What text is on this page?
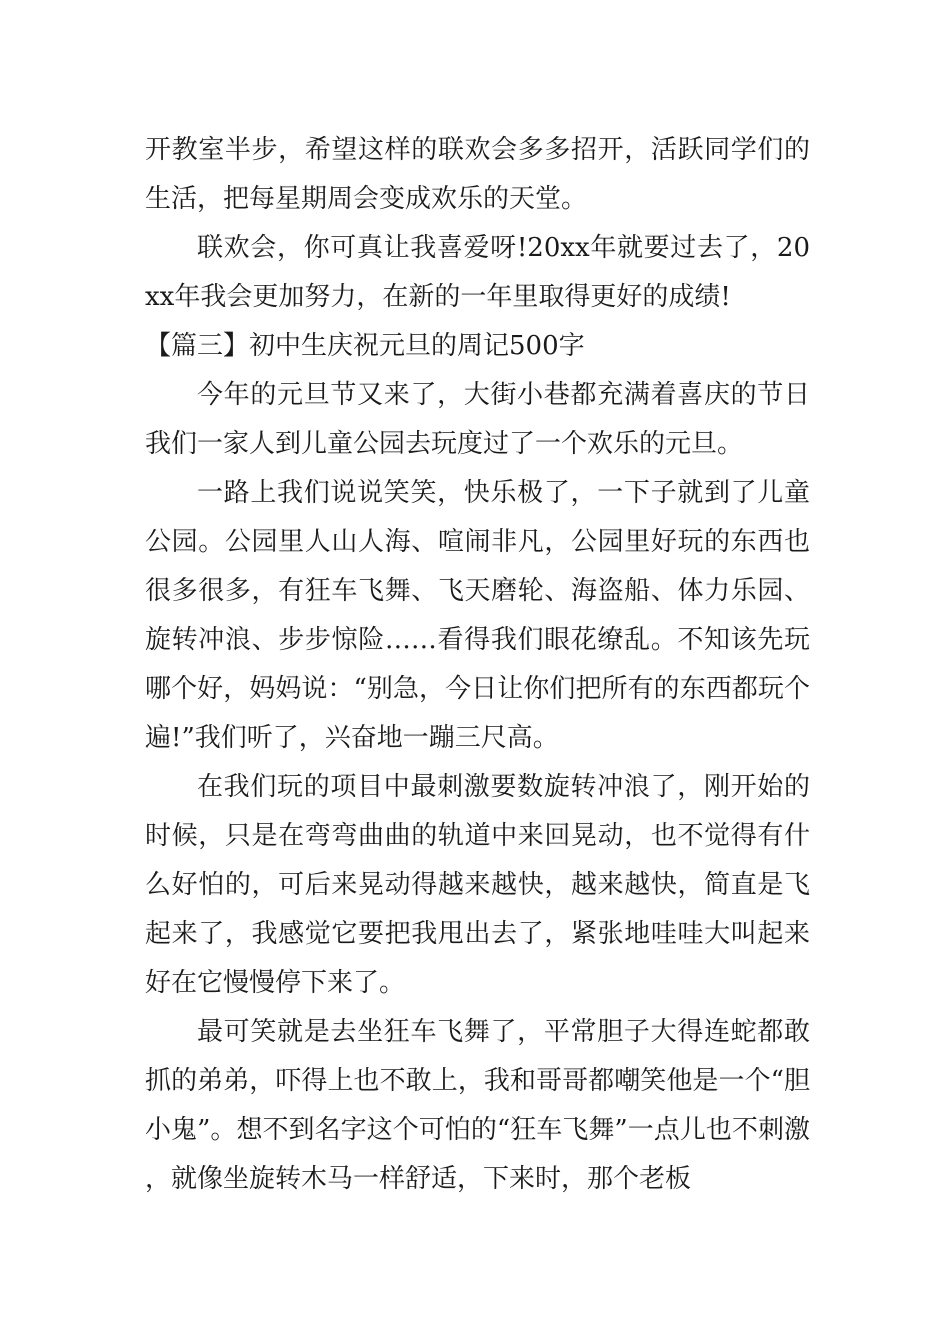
开教室半步，希望这样的联欢会多多招开，活跃同学们的生活，把每星期周会变成欢乐的天堂。

联欢会，你可真让我喜爱呀!20xx年就要过去了，20xx年我会更加努力，在新的一年里取得更好的成绩!

【篇三】初中生庆祝元旦的周记500字

今年的元旦节又来了，大街小巷都充满着喜庆的节日我们一家人到儿童公园去玩度过了一个欢乐的元旦。

一路上我们说说笑笑，快乐极了，一下子就到了儿童公园。公园里人山人海、喧闹非凡，公园里好玩的东西也很多很多，有狂车飞舞、飞天磨轮、海盗船、体力乐园、旋转冲浪、步步惊险……看得我们眼花缭乱。不知该先玩哪个好，妈妈说：“别急，今日让你们把所有的东西都玩个遍!”我们听了，兴奋地一蹦三尺高。

在我们玩的项目中最刺激要数旋转冲浪了，刚开始的时候，只是在弯弯曲曲的轨道中来回晃动，也不觉得有什么好怕的，可后来晃动得越来越快，越来越快，简直是飞起来了，我感觉它要把我甩出去了，紧张地哇哇大叫起来好在它慢慢停下来了。

最可笑就是去坐狂车飞舞了，平常胆子大得连蛇都敢抓的弟弟，吓得上也不敢上，我和哥哥都嘲笑他是一个“胆小鬼”。想不到名字这个可怕的“狂车飞舞”一点儿也不刺激，就像坐旋转木马一样舒适，下来时，那个老板
